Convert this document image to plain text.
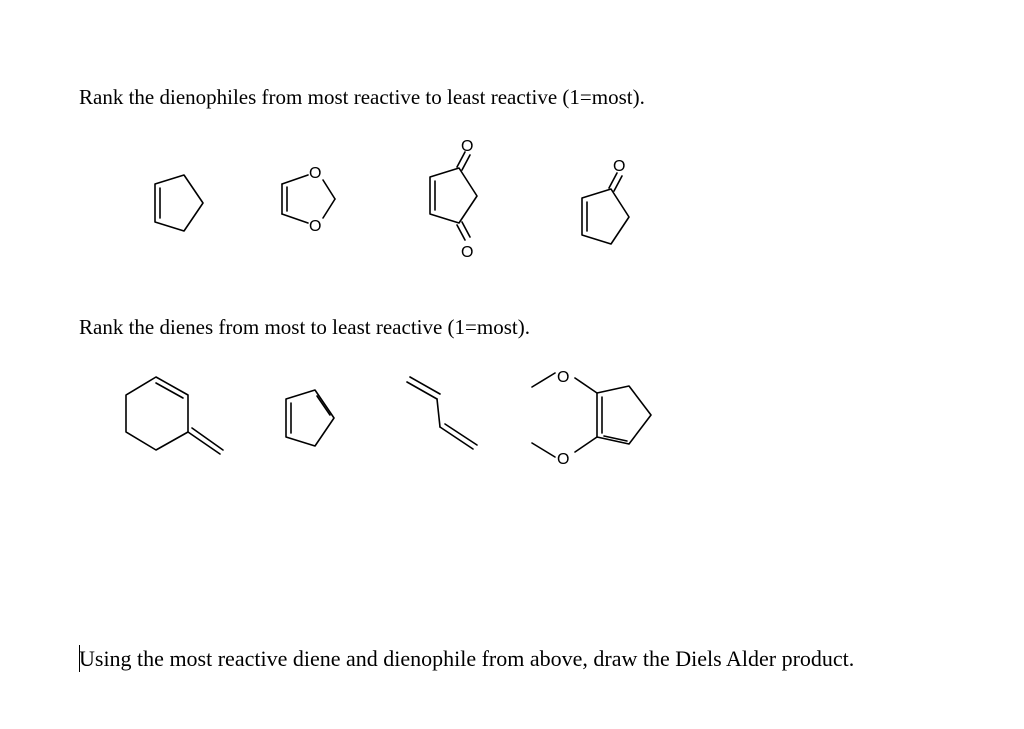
Rank the dienophiles from most reactive to least reactive (1=most).
O
O
O
O
O
Rank the dienes from most to least reactive (1=most).
O
O
Using the most reactive diene and dienophile from above, draw the Diels Alder product.
